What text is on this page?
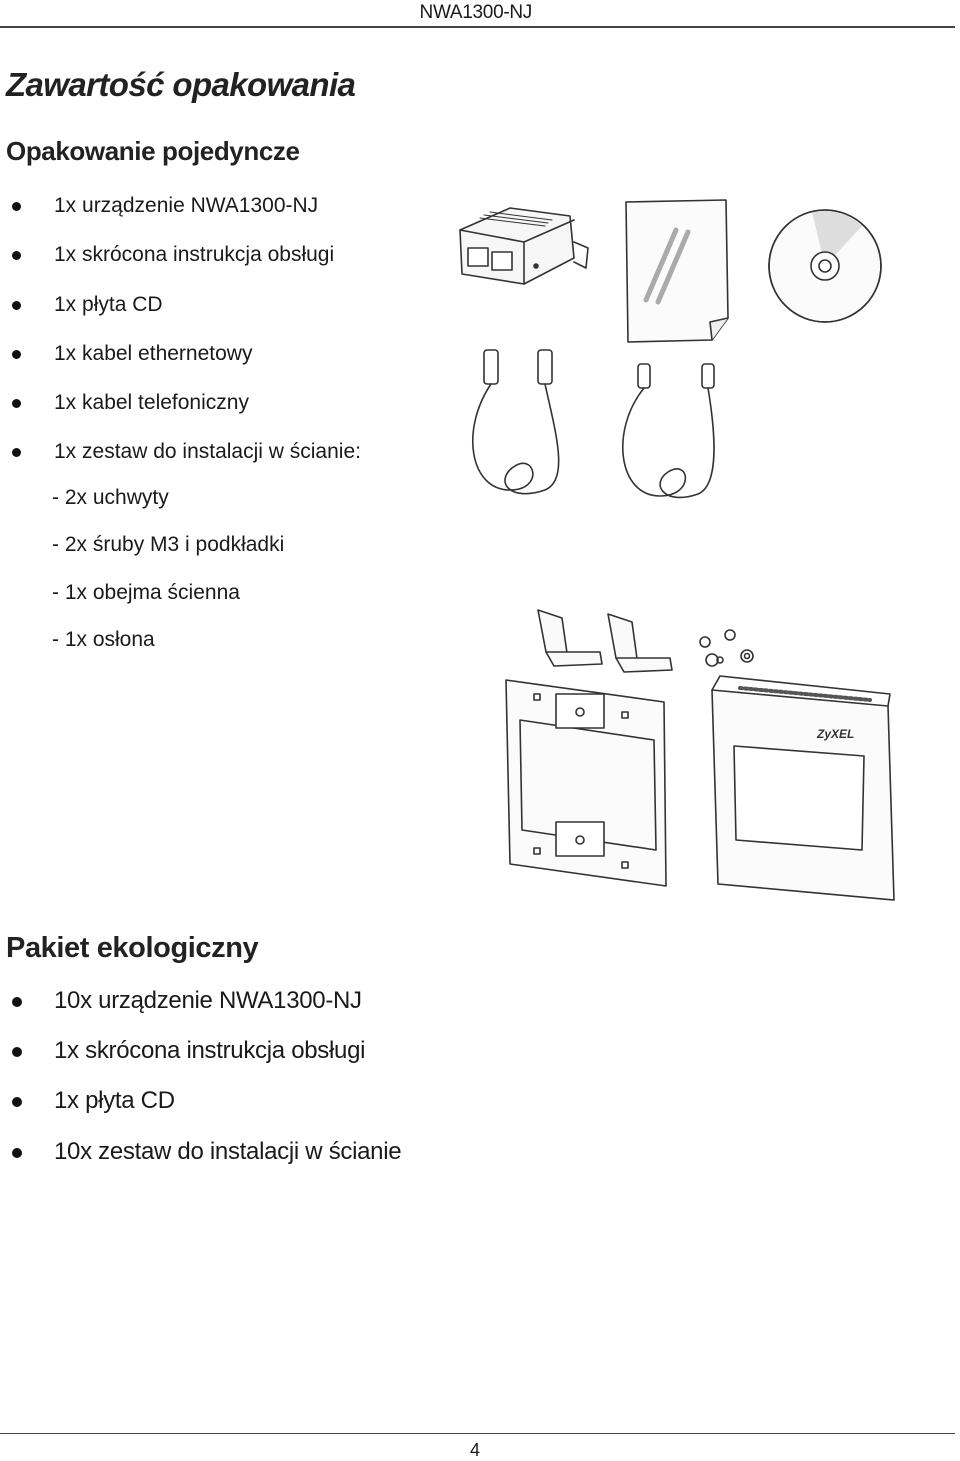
NWA1300-NJ
Zawartość opakowania
Opakowanie pojedyncze
1x urządzenie NWA1300-NJ
1x skrócona instrukcja obsługi
1x płyta CD
1x kabel ethernetowy
1x kabel telefoniczny
1x zestaw do instalacji w ścianie:
- 2x uchwyty
- 2x śruby M3 i podkładki
- 1x obejma ścienna
- 1x osłona
ZyXEL
Pakiet ekologiczny
10x urządzenie NWA1300-NJ
1x skrócona instrukcja obsługi
1x płyta CD
10x zestaw do instalacji w ścianie
4
